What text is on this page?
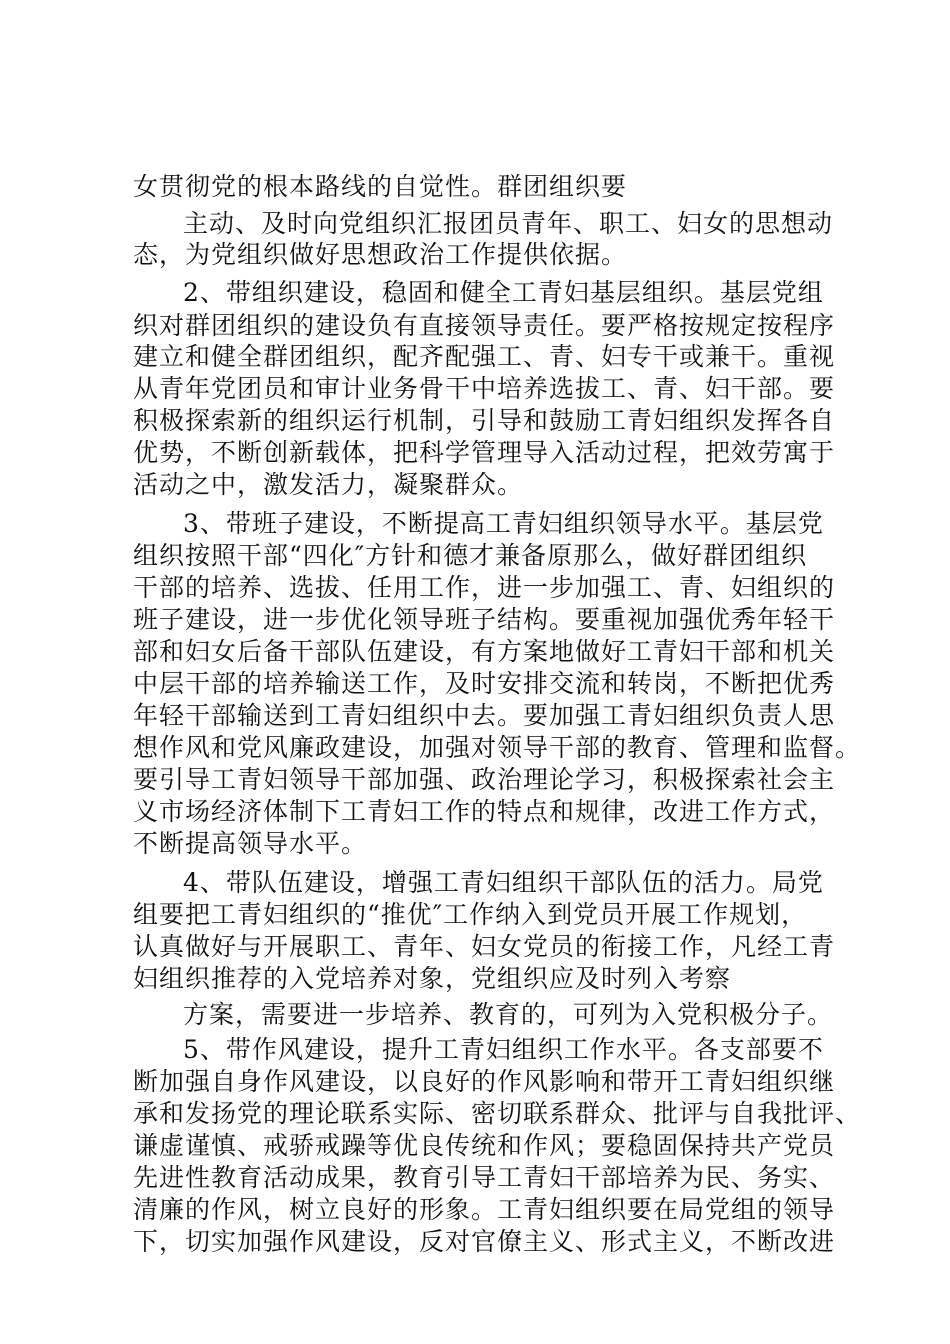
女贯彻党的根本路线的自觉性。群团组织要
主动、及时向党组织汇报团员青年、职工、妇女的思想动
态，为党组织做好思想政治工作提供依据。
2、带组织建设，稳固和健全工青妇基层组织。基层党组
织对群团组织的建设负有直接领导责任。要严格按规定按程序
建立和健全群团组织，配齐配强工、青、妇专干或兼干。重视
从青年党团员和审计业务骨干中培养选拔工、青、妇干部。要
积极探索新的组织运行机制，引导和鼓励工青妇组织发挥各自
优势，不断创新载体，把科学管理导入活动过程，把效劳寓于
活动之中，激发活力，凝聚群众。
3、带班子建设，不断提高工青妇组织领导水平。基层党
组织按照干部“四化″方针和德才兼备原那么，做好群团组织
干部的培养、选拔、任用工作，进一步加强工、青、妇组织的
班子建设，进一步优化领导班子结构。要重视加强优秀年轻干
部和妇女后备干部队伍建设，有方案地做好工青妇干部和机关
中层干部的培养输送工作，及时安排交流和转岗，不断把优秀
年轻干部输送到工青妇组织中去。要加强工青妇组织负责人思
想作风和党风廉政建设，加强对领导干部的教育、管理和监督。
要引导工青妇领导干部加强、政治理论学习，积极探索社会主
义市场经济体制下工青妇工作的特点和规律，改进工作方式，
不断提高领导水平。
4、带队伍建设，增强工青妇组织干部队伍的活力。局党
组要把工青妇组织的“推优″工作纳入到党员开展工作规划，
认真做好与开展职工、青年、妇女党员的衔接工作，凡经工青
妇组织推荐的入党培养对象，党组织应及时列入考察
方案，需要进一步培养、教育的，可列为入党积极分子。
5、带作风建设，提升工青妇组织工作水平。各支部要不
断加强自身作风建设，以良好的作风影响和带开工青妇组织继
承和发扬党的理论联系实际、密切联系群众、批评与自我批评、
谦虚谨慎、戒骄戒躁等优良传统和作风；要稳固保持共产党员
先进性教育活动成果，教育引导工青妇干部培养为民、务实、
清廉的作风，树立良好的形象。工青妇组织要在局党组的领导
下，切实加强作风建设，反对官僚主义、形式主义，不断改进
